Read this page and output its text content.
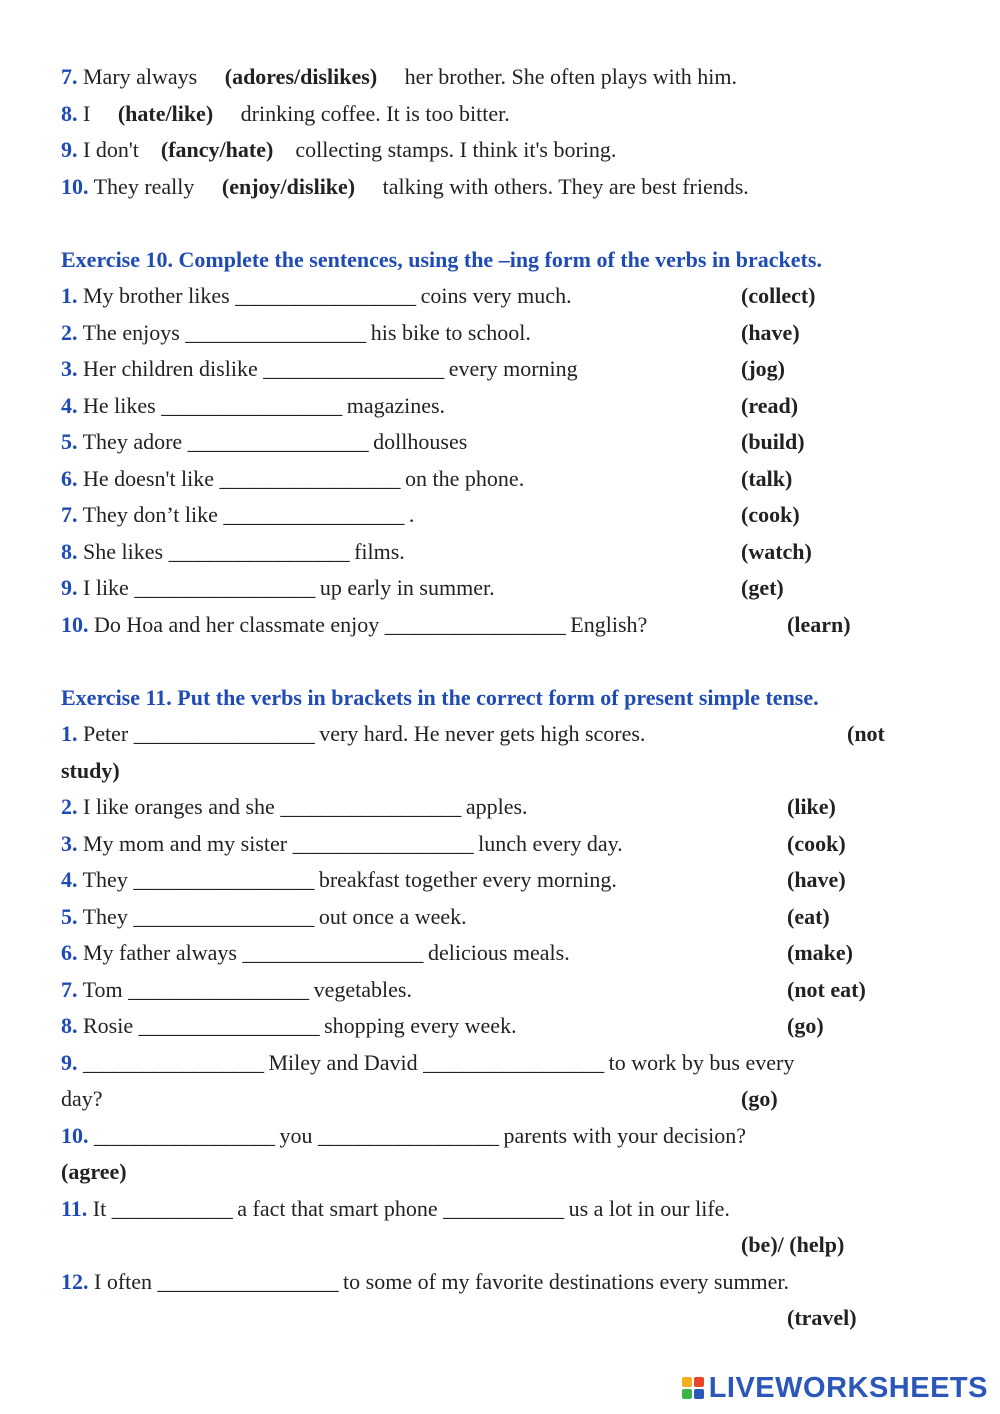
7. Mary always (adores/dislikes) her brother. She often plays with him.
8. I (hate/like) drinking coffee. It is too bitter.
9. I don't (fancy/hate) collecting stamps. I think it's boring.
10. They really (enjoy/dislike) talking with others. They are best friends.
Exercise 10. Complete the sentences, using the –ing form of the verbs in brackets.
1. My brother likes __________________ coins very much.	(collect)
2. The enjoys __________________ his bike to school.	(have)
3. Her children dislike __________________ every morning	(jog)
4. He likes __________________ magazines.	(read)
5. They adore __________________ dollhouses	(build)
6. He doesn't like __________________ on the phone.	(talk)
7. They don’t like __________________ .	(cook)
8. She likes __________________ films.	(watch)
9. I like __________________ up early in summer.	(get)
10. Do Hoa and her classmate enjoy __________________ English?	(learn)
Exercise 11. Put the verbs in brackets in the correct form of present simple tense.
1. Peter __________________ very hard. He never gets high scores.	(not
study)
2. I like oranges and she __________________ apples.	(like)
3. My mom and my sister __________________ lunch every day.	(cook)
4. They __________________ breakfast together every morning.	(have)
5. They __________________ out once a week.	(eat)
6. My father always __________________ delicious meals.	(make)
7. Tom __________________ vegetables.	(not eat)
8. Rosie __________________ shopping every week.	(go)
9. __________________ Miley and David __________________ to work by bus every
day?	(go)
10. __________________ you __________________ parents with your decision?
(agree)
11. It ____________ a fact that smart phone ____________ us a lot in our life.
(be)/ (help)
12. I often __________________ to some of my favorite destinations every summer.
(travel)
LIVEWORKSHEETS
